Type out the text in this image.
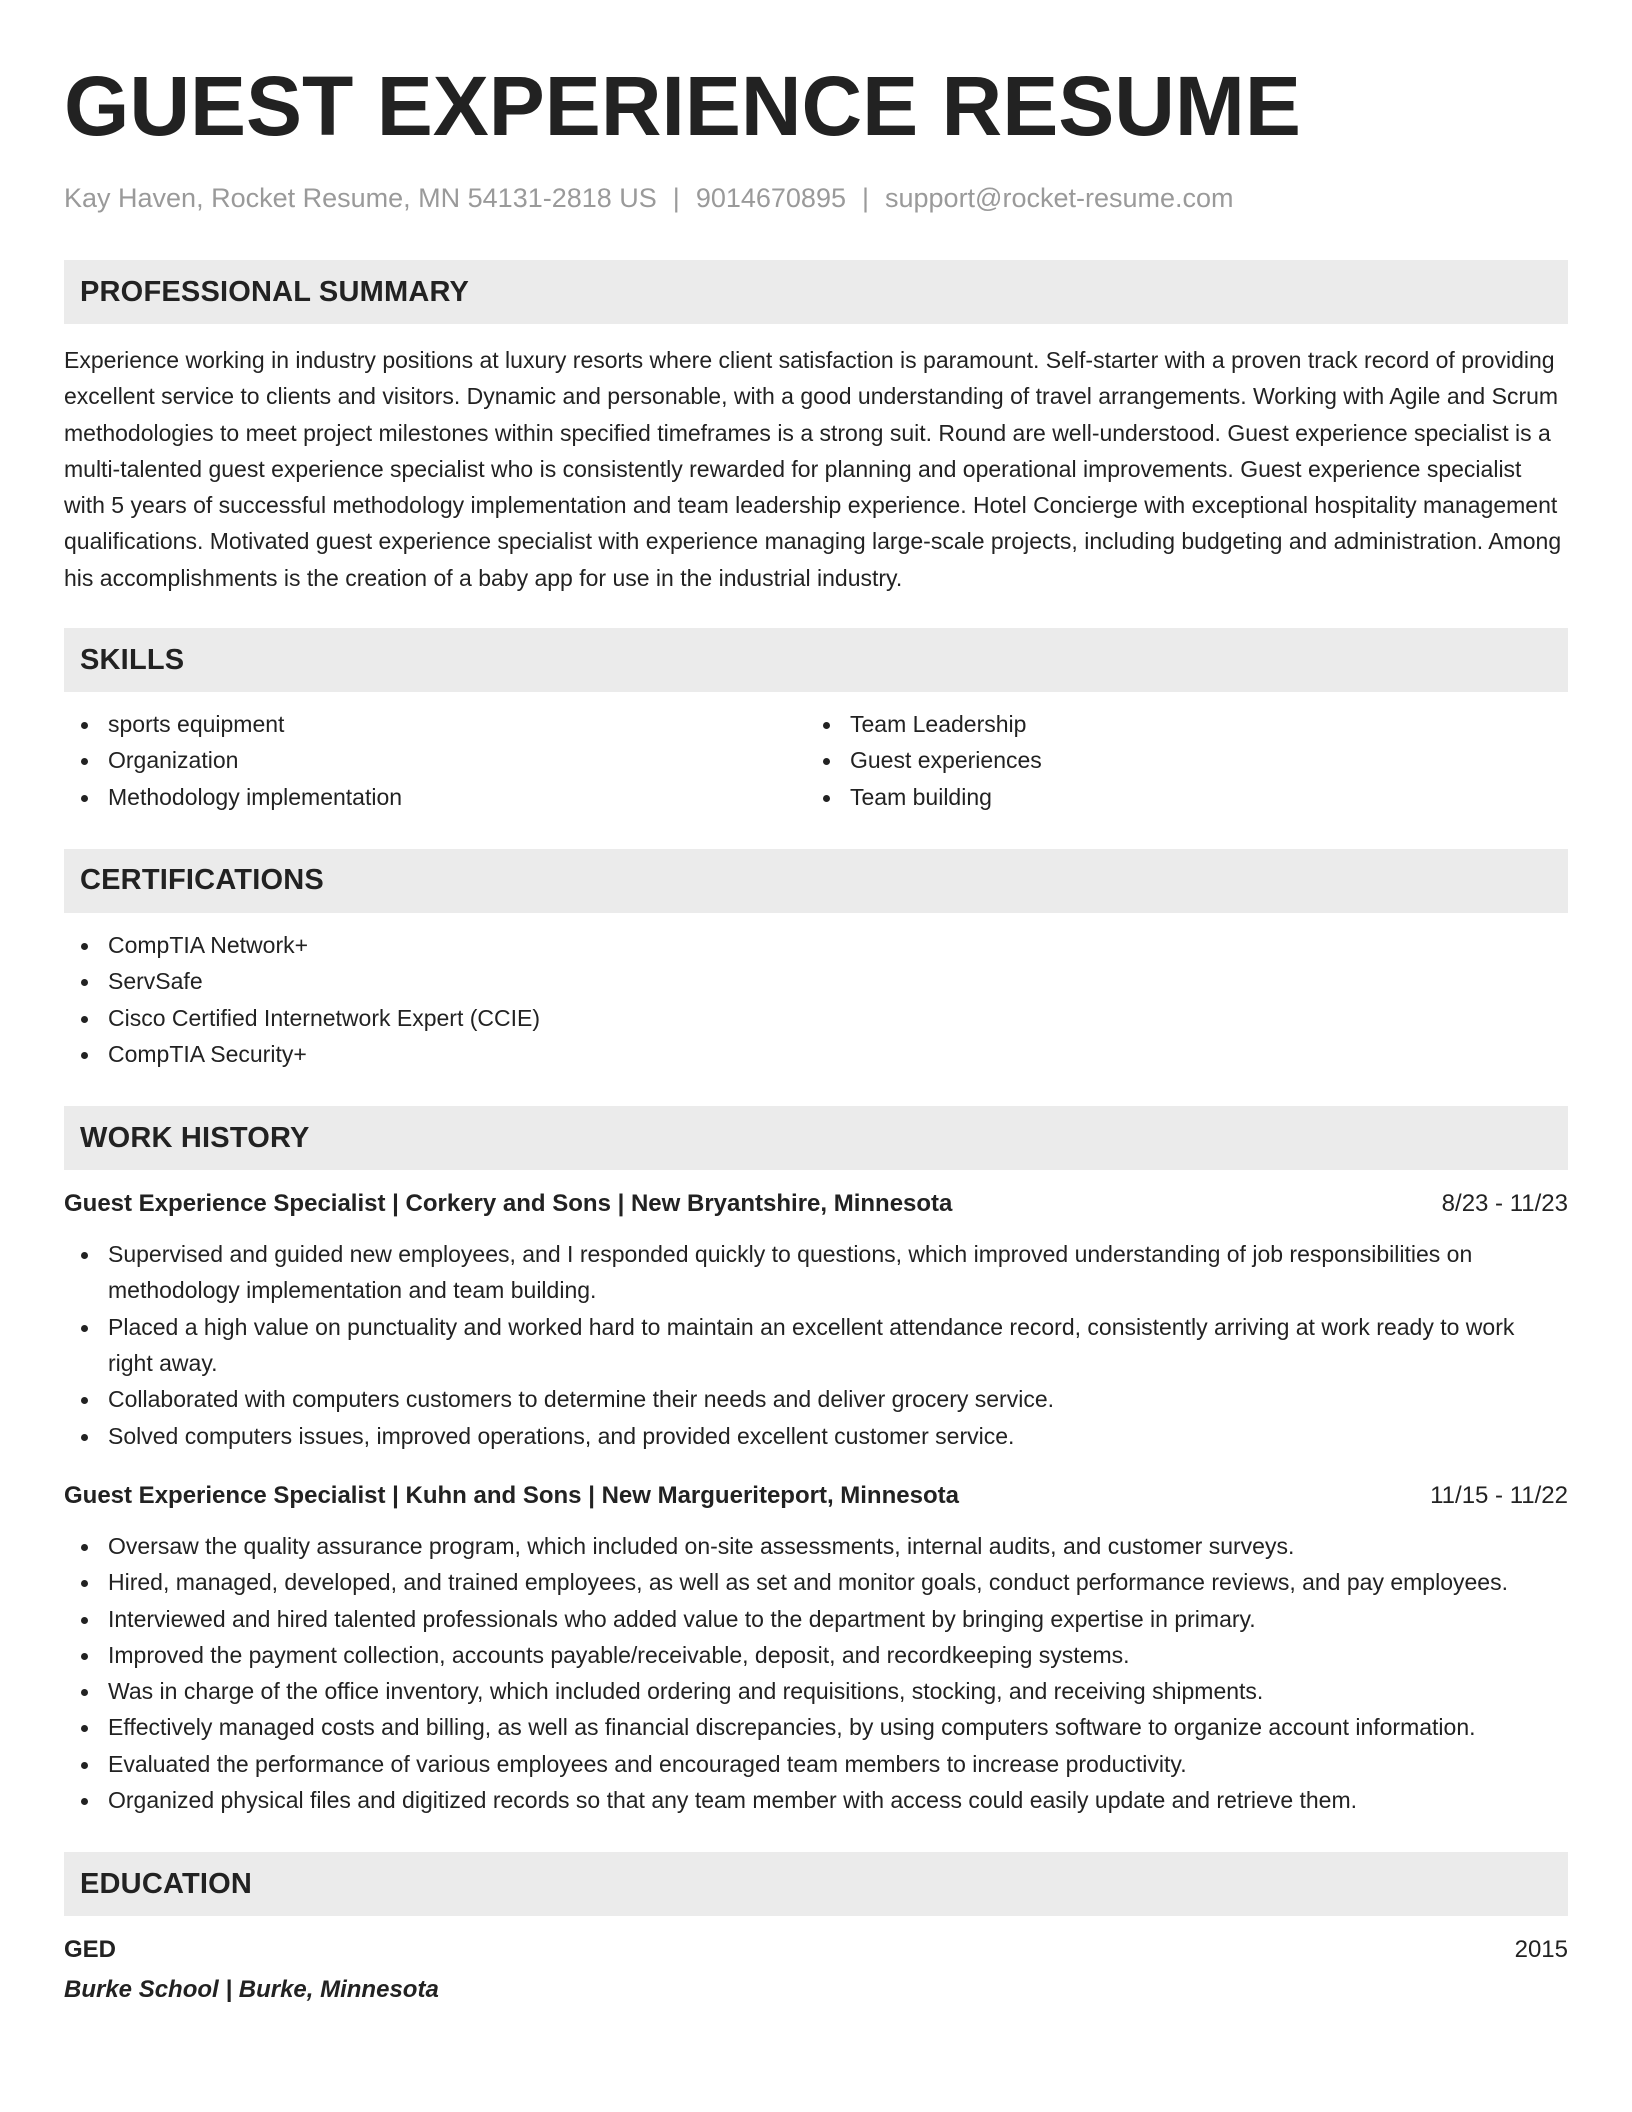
GUEST EXPERIENCE RESUME
Kay Haven, Rocket Resume, MN 54131-2818 US | 9014670895 | support@rocket-resume.com
PROFESSIONAL SUMMARY

Experience working in industry positions at luxury resorts where client satisfaction is paramount. Self-starter with a proven track record of providing excellent service to clients and visitors. Dynamic and personable, with a good understanding of travel arrangements. Working with Agile and Scrum methodologies to meet project milestones within specified timeframes is a strong suit. Round are well-understood. Guest experience specialist is a multi-talented guest experience specialist who is consistently rewarded for planning and operational improvements. Guest experience specialist with 5 years of successful methodology implementation and team leadership experience. Hotel Concierge with exceptional hospitality management qualifications. Motivated guest experience specialist with experience managing large-scale projects, including budgeting and administration. Among his accomplishments is the creation of a baby app for use in the industrial industry.

SKILLS
sports equipment
Organization
Methodology implementation
Team Leadership
Guest experiences
Team building
CERTIFICATIONS
CompTIA Network+
ServSafe
Cisco Certified Internetwork Expert (CCIE)
CompTIA Security+
WORK HISTORY
Guest Experience Specialist | Corkery and Sons | New Bryantshire, Minnesota	8/23 - 11/23
Supervised and guided new employees, and I responded quickly to questions, which improved understanding of job responsibilities on methodology implementation and team building.
Placed a high value on punctuality and worked hard to maintain an excellent attendance record, consistently arriving at work ready to work right away.
Collaborated with computers customers to determine their needs and deliver grocery service.
Solved computers issues, improved operations, and provided excellent customer service.
Guest Experience Specialist | Kuhn and Sons | New Margueriteport, Minnesota	11/15 - 11/22
Oversaw the quality assurance program, which included on-site assessments, internal audits, and customer surveys.
Hired, managed, developed, and trained employees, as well as set and monitor goals, conduct performance reviews, and pay employees.
Interviewed and hired talented professionals who added value to the department by bringing expertise in primary.
Improved the payment collection, accounts payable/receivable, deposit, and recordkeeping systems.
Was in charge of the office inventory, which included ordering and requisitions, stocking, and receiving shipments.
Effectively managed costs and billing, as well as financial discrepancies, by using computers software to organize account information.
Evaluated the performance of various employees and encouraged team members to increase productivity.
Organized physical files and digitized records so that any team member with access could easily update and retrieve them.
EDUCATION
GED	2015
Burke School | Burke, Minnesota
